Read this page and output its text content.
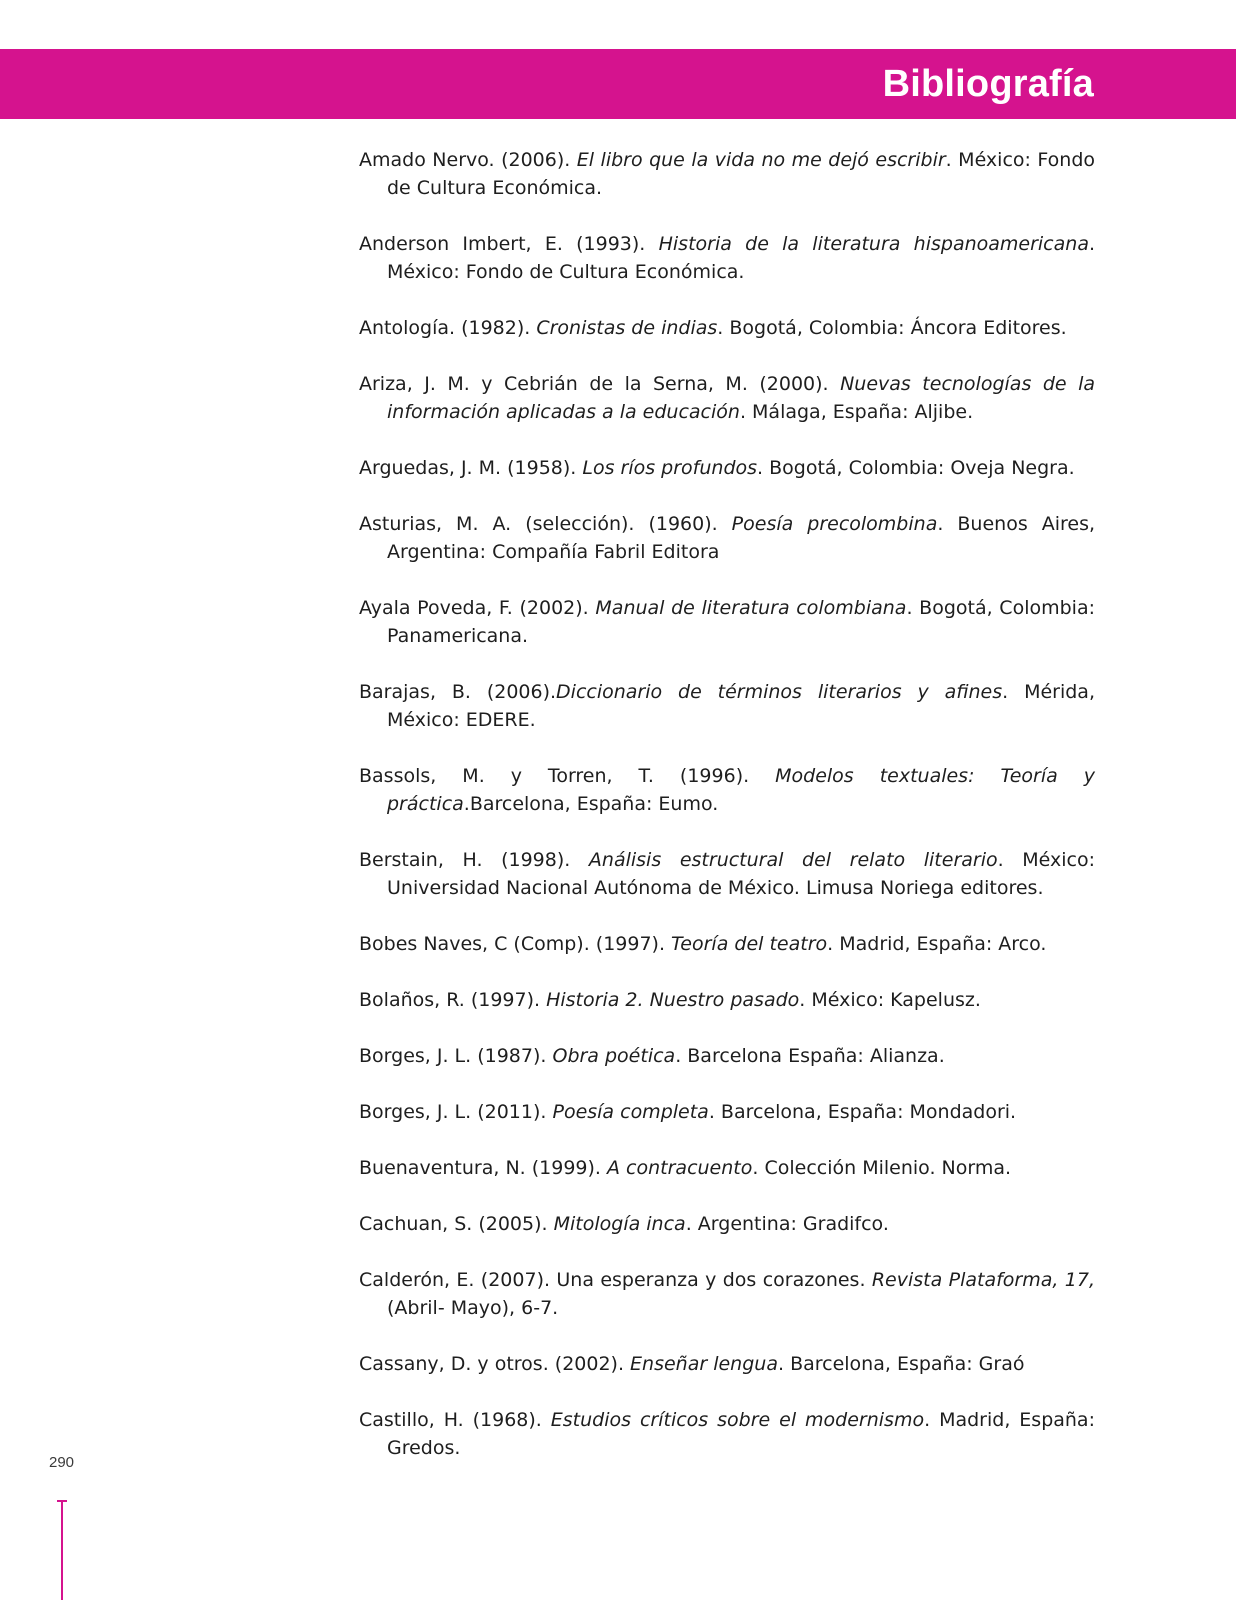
Bibliografía
Amado Nervo. (2006). El libro que la vida no me dejó escribir. México: Fondo de Cultura Económica.
Anderson Imbert, E. (1993). Historia de la literatura hispanoamericana. México: Fondo de Cultura Económica.
Antología. (1982). Cronistas de indias. Bogotá, Colombia: Áncora Editores.
Ariza, J. M. y Cebrián de la Serna, M. (2000). Nuevas tecnologías de la información aplicadas a la educación. Málaga, España: Aljibe.
Arguedas, J. M. (1958). Los ríos profundos. Bogotá, Colombia: Oveja Negra.
Asturias, M. A. (selección). (1960). Poesía precolombina. Buenos Aires, Argentina: Compañía Fabril Editora
Ayala Poveda, F. (2002). Manual de literatura colombiana. Bogotá, Colombia: Panamericana.
Barajas, B. (2006).Diccionario de términos literarios y afines. Mérida, México: EDERE.
Bassols, M. y Torren, T. (1996). Modelos textuales: Teoría y práctica.Barcelona, España: Eumo.
Berstain, H. (1998). Análisis estructural del relato literario. México: Universidad Nacional Autónoma de México. Limusa Noriega editores.
Bobes Naves, C (Comp). (1997). Teoría del teatro. Madrid, España: Arco.
Bolaños, R. (1997). Historia 2. Nuestro pasado. México: Kapelusz.
Borges, J. L. (1987). Obra poética. Barcelona España: Alianza.
Borges, J. L. (2011). Poesía completa. Barcelona, España: Mondadori.
Buenaventura, N. (1999). A contracuento. Colección Milenio. Norma.
Cachuan, S. (2005). Mitología inca. Argentina: Gradifco.
Calderón, E. (2007). Una esperanza y dos corazones. Revista Plataforma, 17, (Abril- Mayo), 6-7.
Cassany, D. y otros. (2002). Enseñar lengua. Barcelona, España: Graó
Castillo, H. (1968). Estudios críticos sobre el modernismo. Madrid, España: Gredos.
290
